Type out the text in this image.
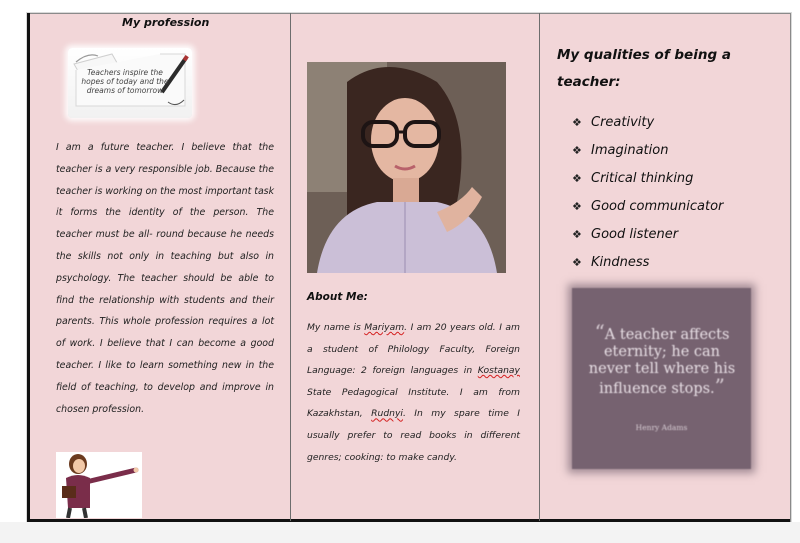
My profession
Teachers inspire the hopes of today and the dreams of tomorrow

I am a future teacher. I believe that the teacher is a very responsible job. Because the teacher is working on the most important task it forms the identity of the person. The teacher must be all- round because he needs the skills not only in teaching but also in psychology. The teacher should be able to find the relationship with students and their parents. This whole profession requires a lot of work. I believe that I can become a good teacher. I like to learn something new in the field of teaching, to develop and improve in chosen profession.

About Me:

My name is Mariyam. I am 20 years old. I am a student of Philology Faculty, Foreign Language: 2 foreign languages in Kostanay State Pedagogical Institute. I am from Kazakhstan, Rudnyi. In my spare time I usually prefer to read books in different genres; cooking: to make candy.

My qualities of being a teacher:
❖ Creativity
❖ Imagination
❖ Critical thinking
❖ Good communicator
❖ Good listener
❖ Kindness
“A teacher affects eternity; he can never tell where his influence stops.”
Henry Adams
